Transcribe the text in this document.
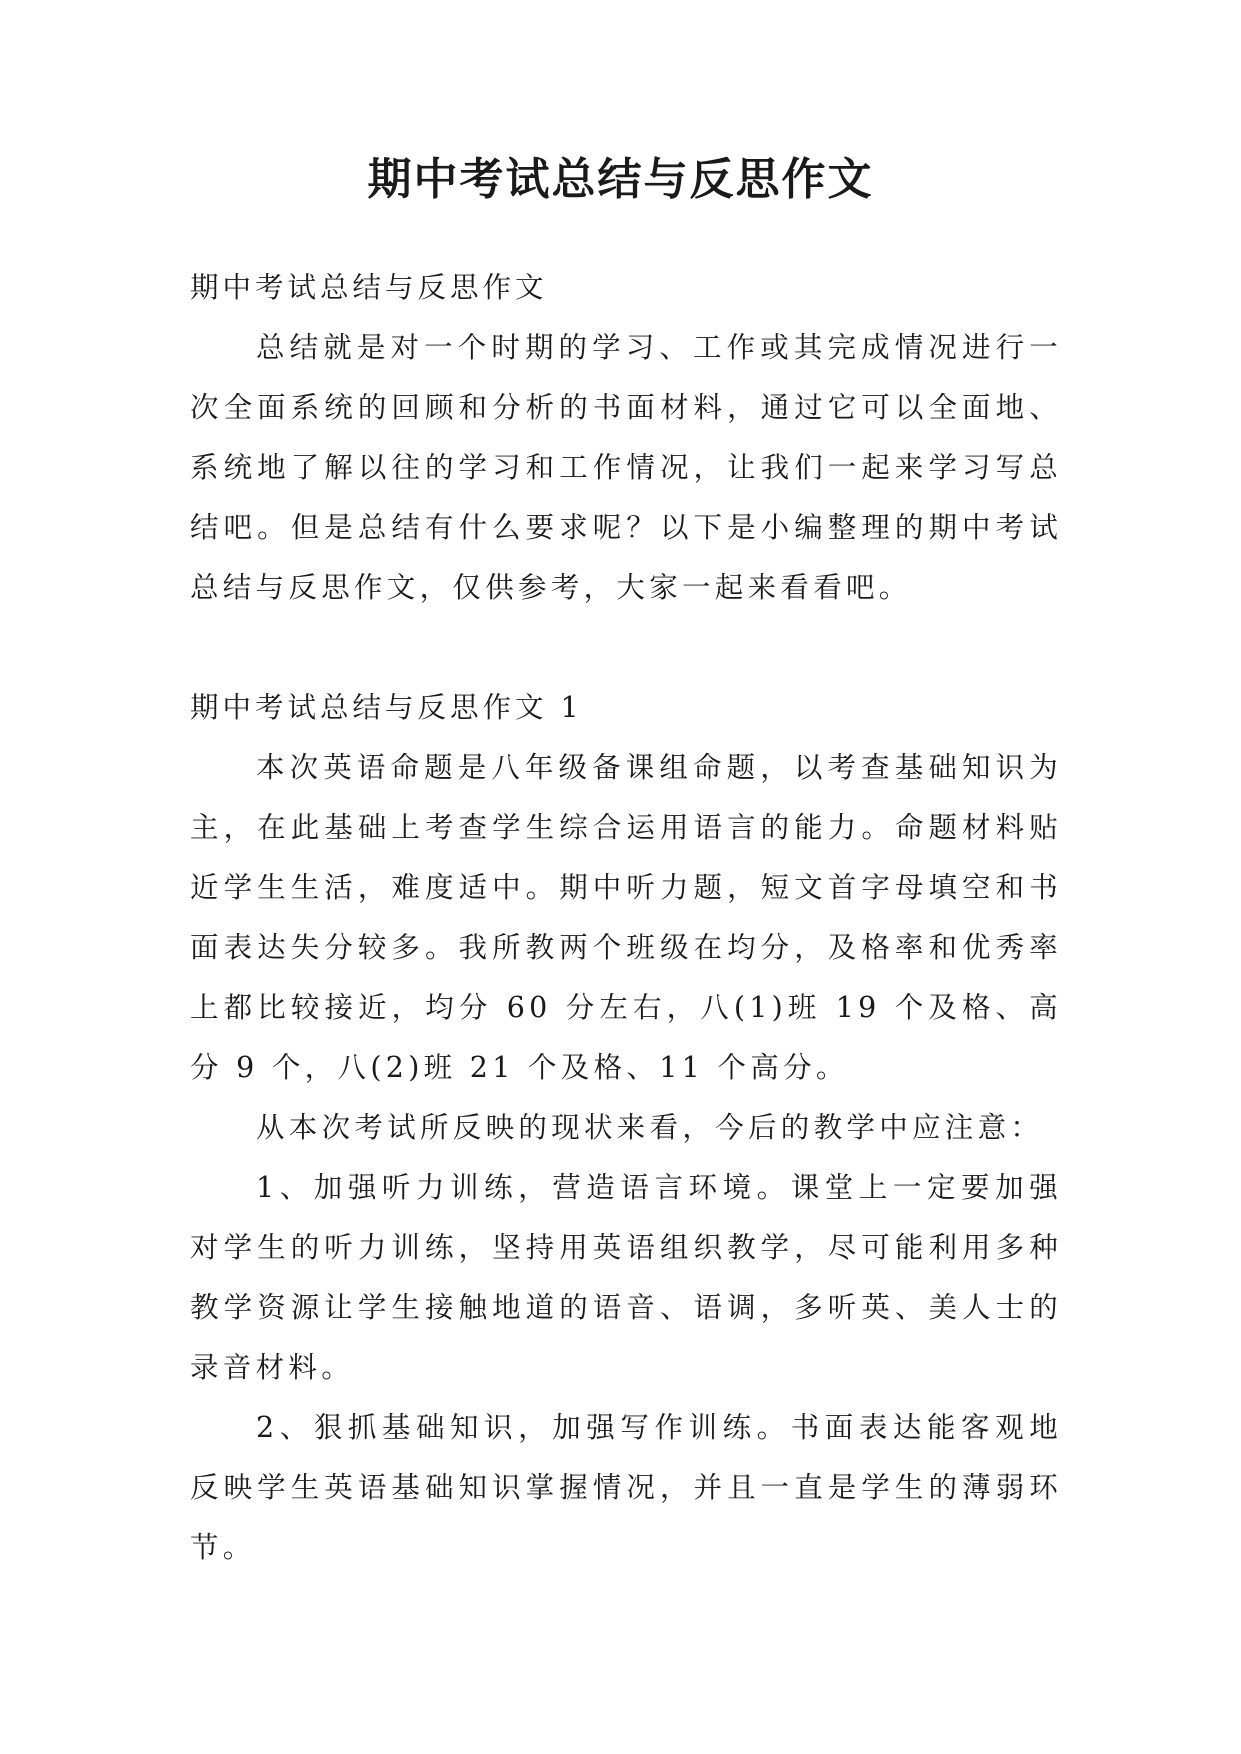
期中考试总结与反思作文

期中考试总结与反思作文

总结就是对一个时期的学习、工作或其完成情况进行一次全面系统的回顾和分析的书面材料，通过它可以全面地、系统地了解以往的学习和工作情况，让我们一起来学习写总结吧。但是总结有什么要求呢？以下是小编整理的期中考试总结与反思作文，仅供参考，大家一起来看看吧。

期中考试总结与反思作文 1

本次英语命题是八年级备课组命题，以考查基础知识为主，在此基础上考查学生综合运用语言的能力。命题材料贴近学生生活，难度适中。期中听力题，短文首字母填空和书面表达失分较多。我所教两个班级在均分，及格率和优秀率上都比较接近，均分 60 分左右，八(1)班 19 个及格、高分 9 个，八(2)班 21 个及格、11 个高分。

从本次考试所反映的现状来看，今后的教学中应注意：

1、加强听力训练，营造语言环境。课堂上一定要加强对学生的听力训练，坚持用英语组织教学，尽可能利用多种教学资源让学生接触地道的语音、语调，多听英、美人士的录音材料。

2、狠抓基础知识，加强写作训练。书面表达能客观地反映学生英语基础知识掌握情况，并且一直是学生的薄弱环节。
